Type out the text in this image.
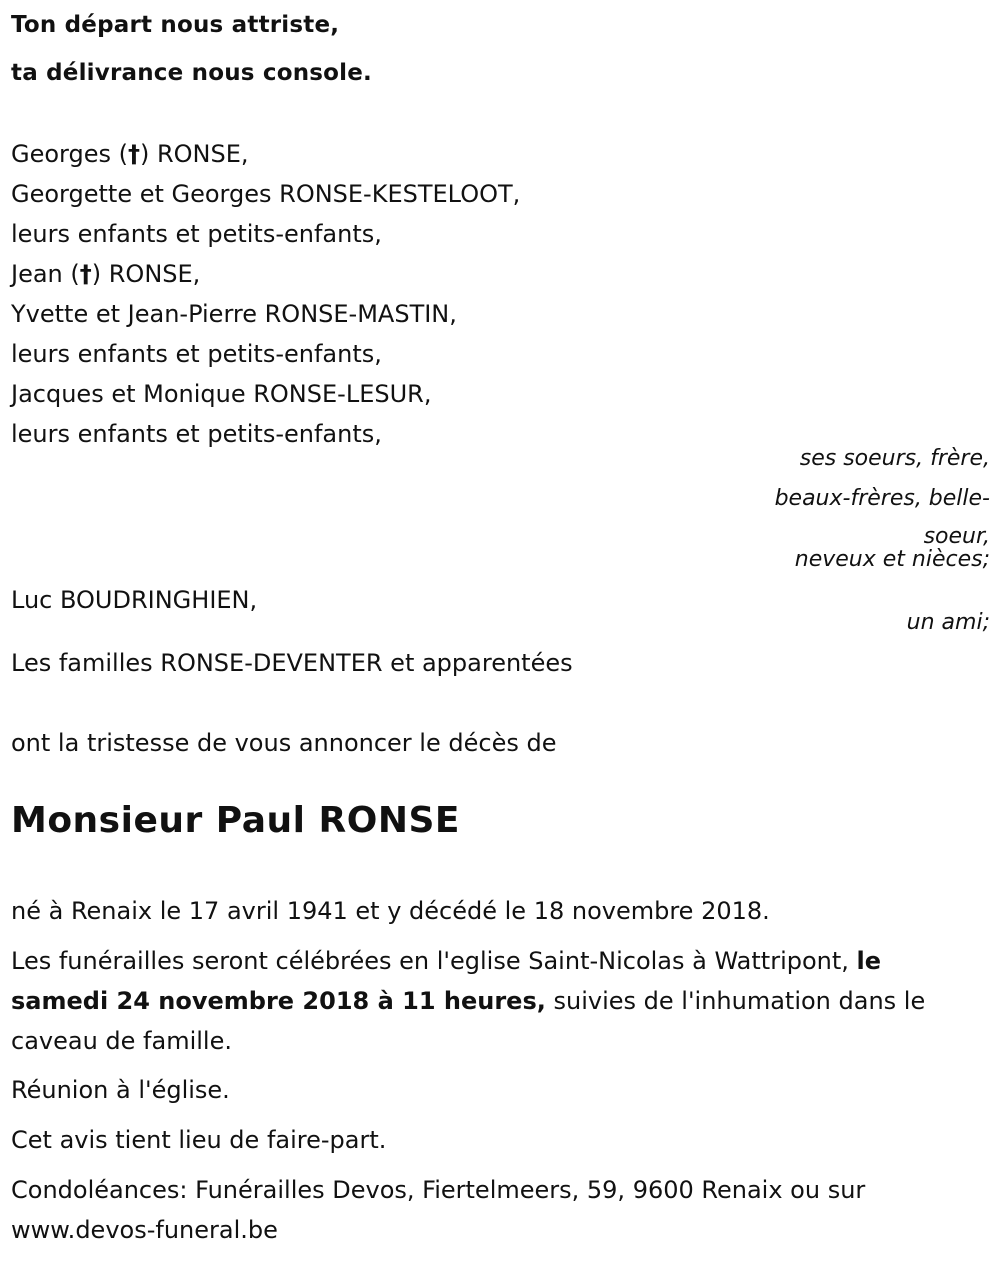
Ton départ nous attriste,
ta délivrance nous console.
Georges (†) RONSE,
Georgette et Georges RONSE-KESTELOOT,
leurs enfants et petits-enfants,
Jean (†) RONSE,
Yvette et Jean-Pierre RONSE-MASTIN,
leurs enfants et petits-enfants,
Jacques et Monique RONSE-LESUR,
leurs enfants et petits-enfants,
ses soeurs, frère,
beaux-frères, belle-
soeur,
neveux et nièces;
Luc BOUDRINGHIEN,
un ami;
Les familles RONSE-DEVENTER et apparentées
ont la tristesse de vous annoncer le décès de
Monsieur Paul RONSE
né à Renaix le 17 avril 1941 et y décédé le 18 novembre 2018.
Les funérailles seront célébrées en l'eglise Saint-Nicolas à Wattripont, le samedi 24 novembre 2018 à 11 heures, suivies de l'inhumation dans le caveau de famille.
Réunion à l'église.
Cet avis tient lieu de faire-part.
Condoléances: Funérailles Devos, Fiertelmeers, 59, 9600 Renaix ou sur www.devos-funeral.be
